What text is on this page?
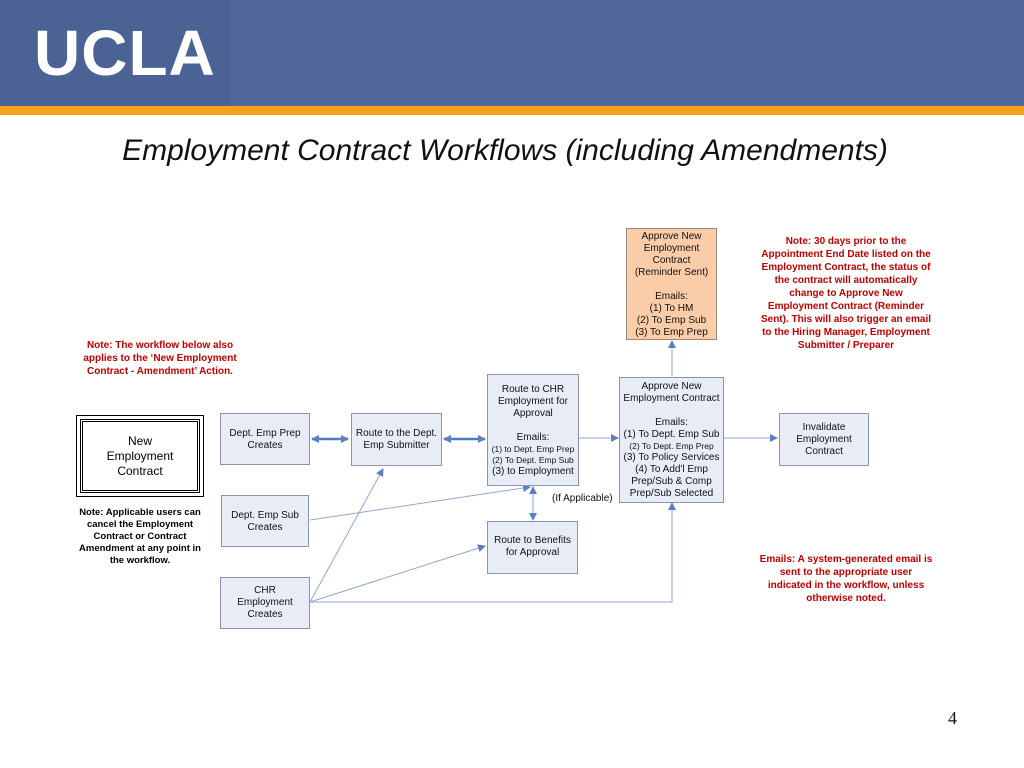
UCLA
Employment Contract Workflows (including Amendments)
New
Employment
Contract
Dept. Emp Prep
Creates
Dept. Emp Sub
Creates
CHR
Employment
Creates
Route to the Dept.
Emp Submitter
Route to CHR
Employment for
Approval
Emails:
(1) to Dept. Emp Prep
(2) To Dept. Emp Sub
(3) to Employment
(If Applicable)
Route to Benefits
for Approval
Approve New
Employment Contract
Emails:
(1) To Dept. Emp Sub
(2) To Dept. Emp Prep
(3) To Policy Services
(4) To Add'l Emp
Prep/Sub & Comp
Prep/Sub Selected
Approve New
Employment
Contract
(Reminder Sent)
Emails:
(1) To HM
(2) To Emp Sub
(3) To Emp Prep
Invalidate
Employment
Contract
Note: The workflow below also applies to the ‘New Employment Contract - Amendment’ Action.
Note: Applicable users can cancel the Employment Contract or Contract Amendment at any point in the workflow.
Note: 30 days prior to the Appointment End Date listed on the Employment Contract, the status of the contract will automatically change to Approve New Employment Contract (Reminder Sent). This will also trigger an email to the Hiring Manager, Employment Submitter / Preparer
Emails: A system-generated email is sent to the appropriate user indicated in the workflow, unless otherwise noted.
4
